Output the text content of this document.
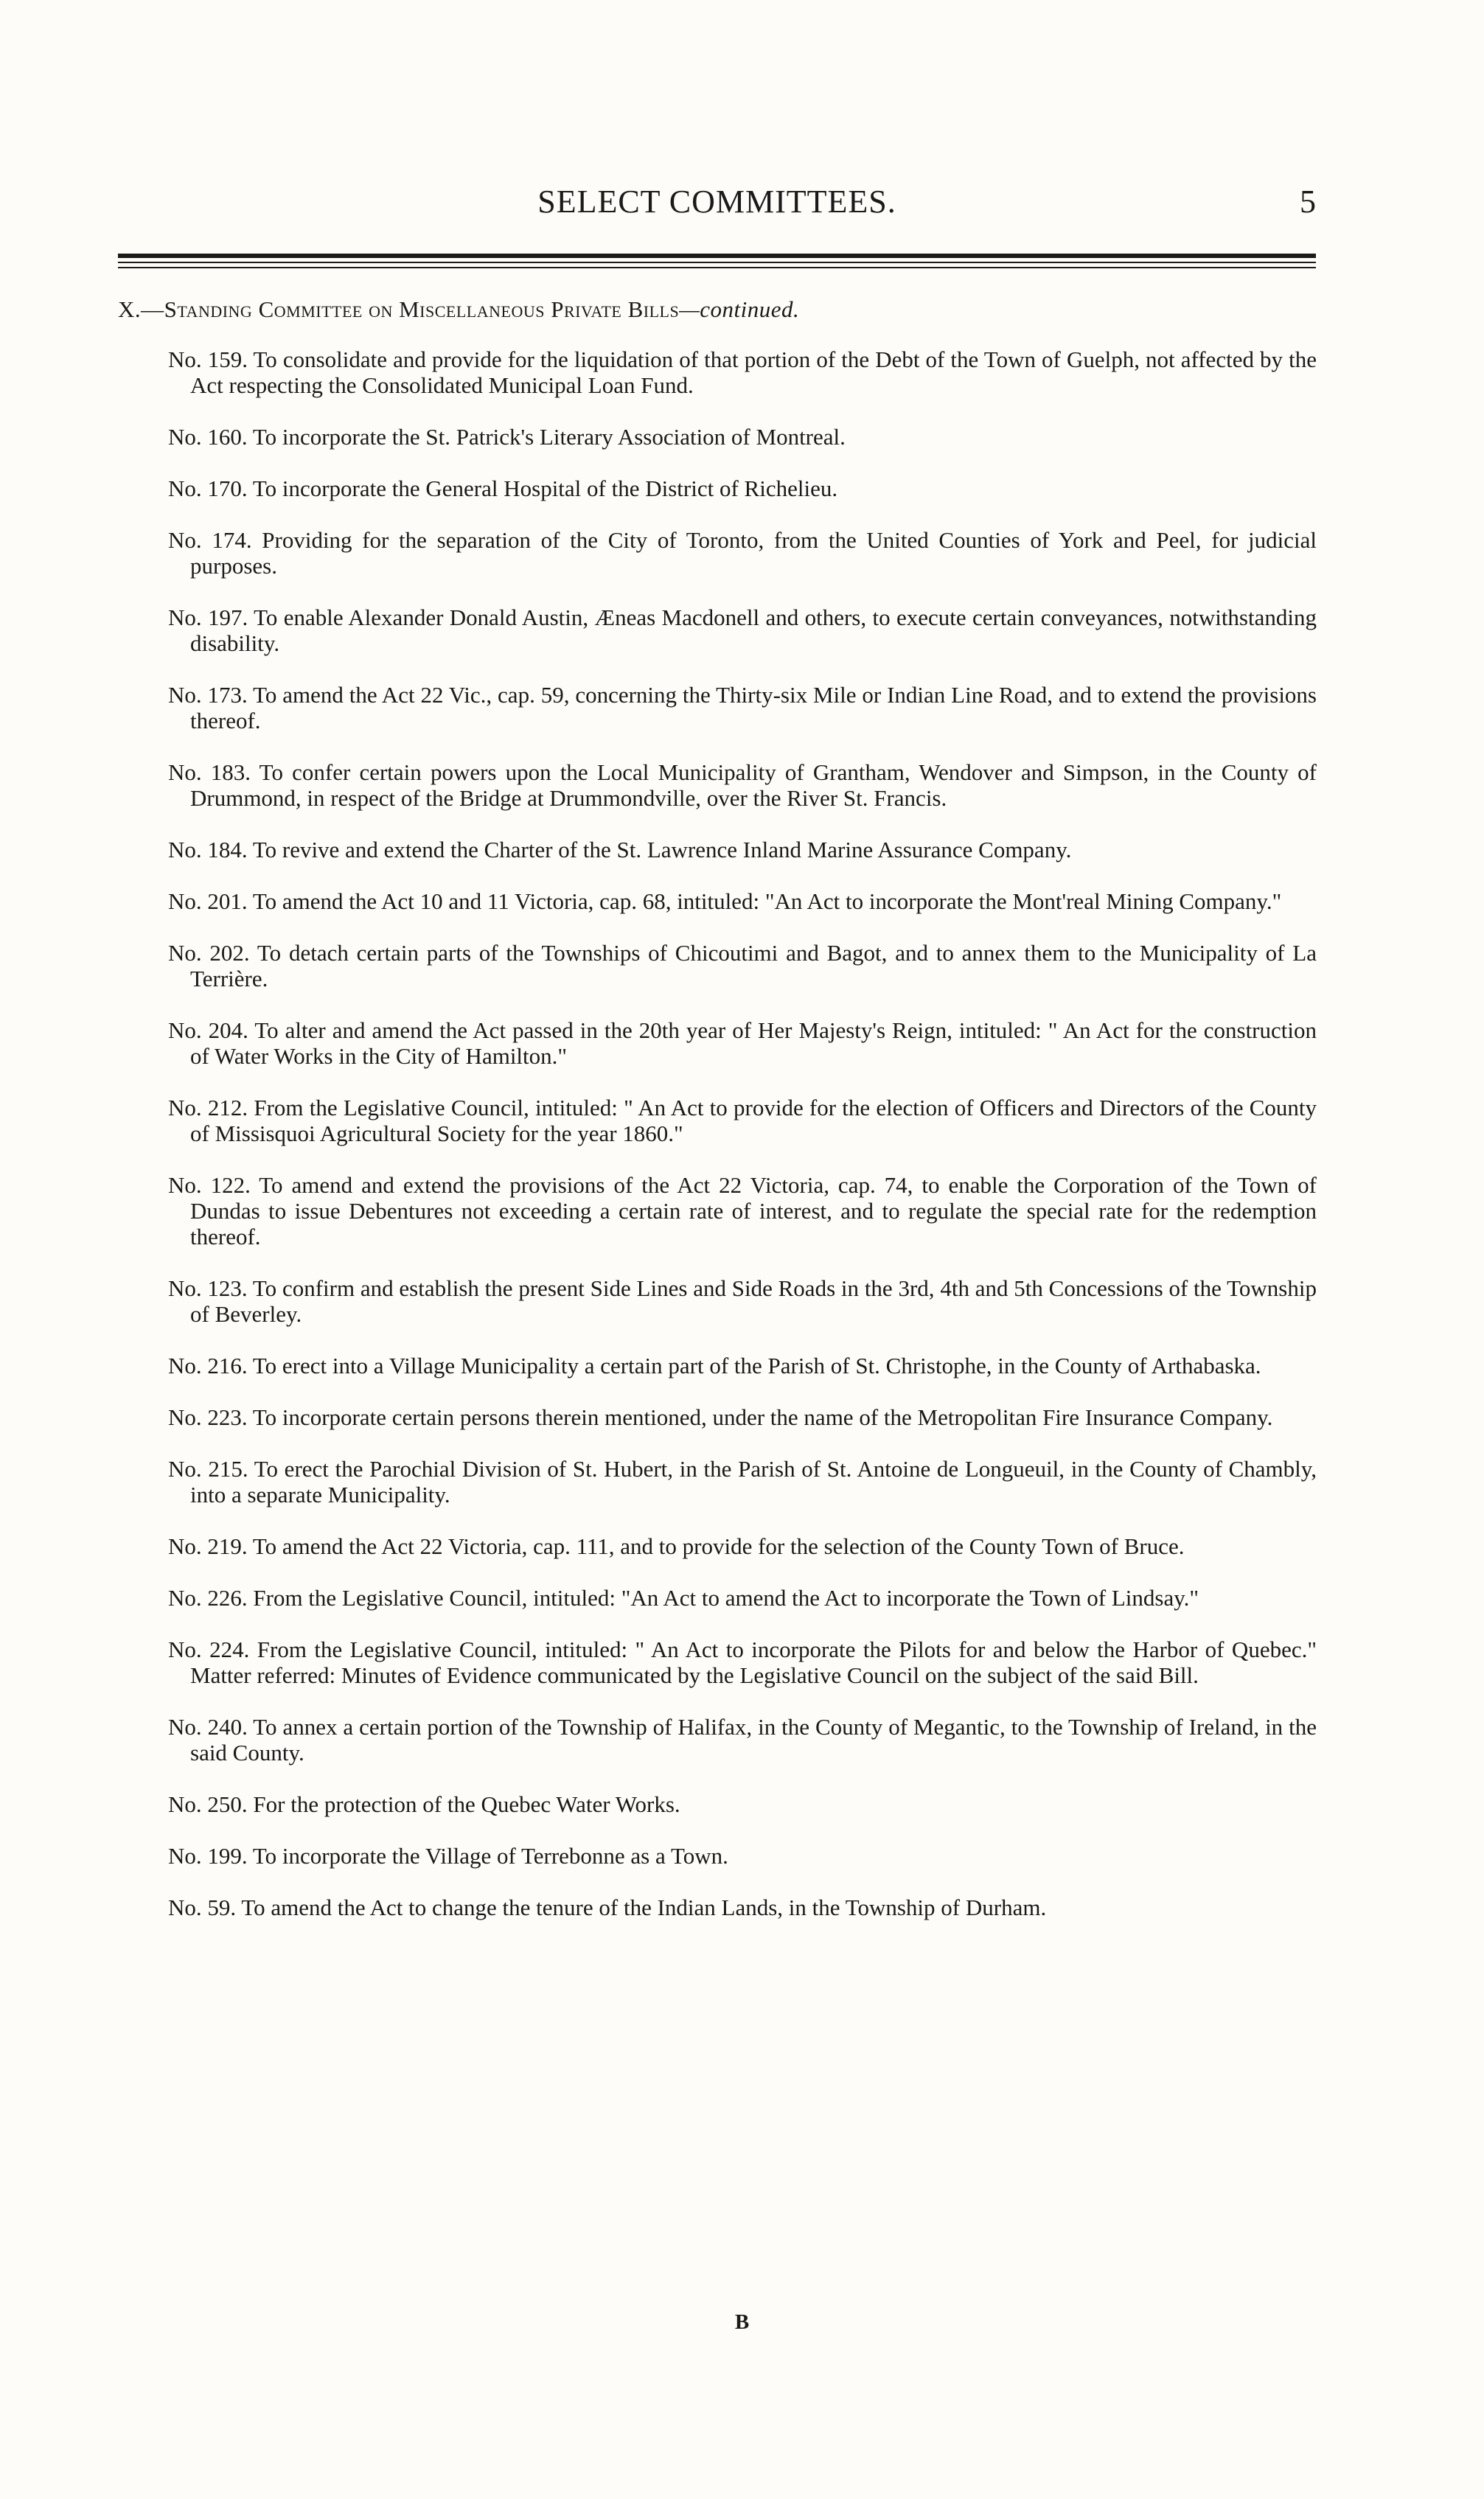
SELECT COMMITTEES.	5
X.—Standing Committee on Miscellaneous Private Bills—continued.
No. 159. To consolidate and provide for the liquidation of that portion of the Debt of the Town of Guelph, not affected by the Act respecting the Consolidated Municipal Loan Fund.
No. 160. To incorporate the St. Patrick's Literary Association of Montreal.
No. 170. To incorporate the General Hospital of the District of Richelieu.
No. 174. Providing for the separation of the City of Toronto, from the United Counties of York and Peel, for judicial purposes.
No. 197. To enable Alexander Donald Austin, Æneas Macdonell and others, to execute certain conveyances, notwithstanding disability.
No. 173. To amend the Act 22 Vic., cap. 59, concerning the Thirty-six Mile or Indian Line Road, and to extend the provisions thereof.
No. 183. To confer certain powers upon the Local Municipality of Grantham, Wendover and Simpson, in the County of Drummond, in respect of the Bridge at Drummondville, over the River St. Francis.
No. 184. To revive and extend the Charter of the St. Lawrence Inland Marine Assurance Company.
No. 201. To amend the Act 10 and 11 Victoria, cap. 68, intituled: "An Act to incorporate the Mont'real Mining Company."
No. 202. To detach certain parts of the Townships of Chicoutimi and Bagot, and to annex them to the Municipality of La Terrière.
No. 204. To alter and amend the Act passed in the 20th year of Her Majesty's Reign, intituled: " An Act for the construction of Water Works in the City of Hamilton."
No. 212. From the Legislative Council, intituled: " An Act to provide for the election of Officers and Directors of the County of Missisquoi Agricultural Society for the year 1860."
No. 122. To amend and extend the provisions of the Act 22 Victoria, cap. 74, to enable the Corporation of the Town of Dundas to issue Debentures not exceeding a certain rate of interest, and to regulate the special rate for the redemption thereof.
No. 123. To confirm and establish the present Side Lines and Side Roads in the 3rd, 4th and 5th Concessions of the Township of Beverley.
No. 216. To erect into a Village Municipality a certain part of the Parish of St. Christophe, in the County of Arthabaska.
No. 223. To incorporate certain persons therein mentioned, under the name of the Metropolitan Fire Insurance Company.
No. 215. To erect the Parochial Division of St. Hubert, in the Parish of St. Antoine de Longueuil, in the County of Chambly, into a separate Municipality.
No. 219. To amend the Act 22 Victoria, cap. 111, and to provide for the selection of the County Town of Bruce.
No. 226. From the Legislative Council, intituled: "An Act to amend the Act to incorporate the Town of Lindsay."
No. 224. From the Legislative Council, intituled: " An Act to incorporate the Pilots for and below the Harbor of Quebec." Matter referred: Minutes of Evidence communicated by the Legislative Council on the subject of the said Bill.
No. 240. To annex a certain portion of the Township of Halifax, in the County of Megantic, to the Township of Ireland, in the said County.
No. 250. For the protection of the Quebec Water Works.
No. 199. To incorporate the Village of Terrebonne as a Town.
No. 59. To amend the Act to change the tenure of the Indian Lands, in the Township of Durham.
B
